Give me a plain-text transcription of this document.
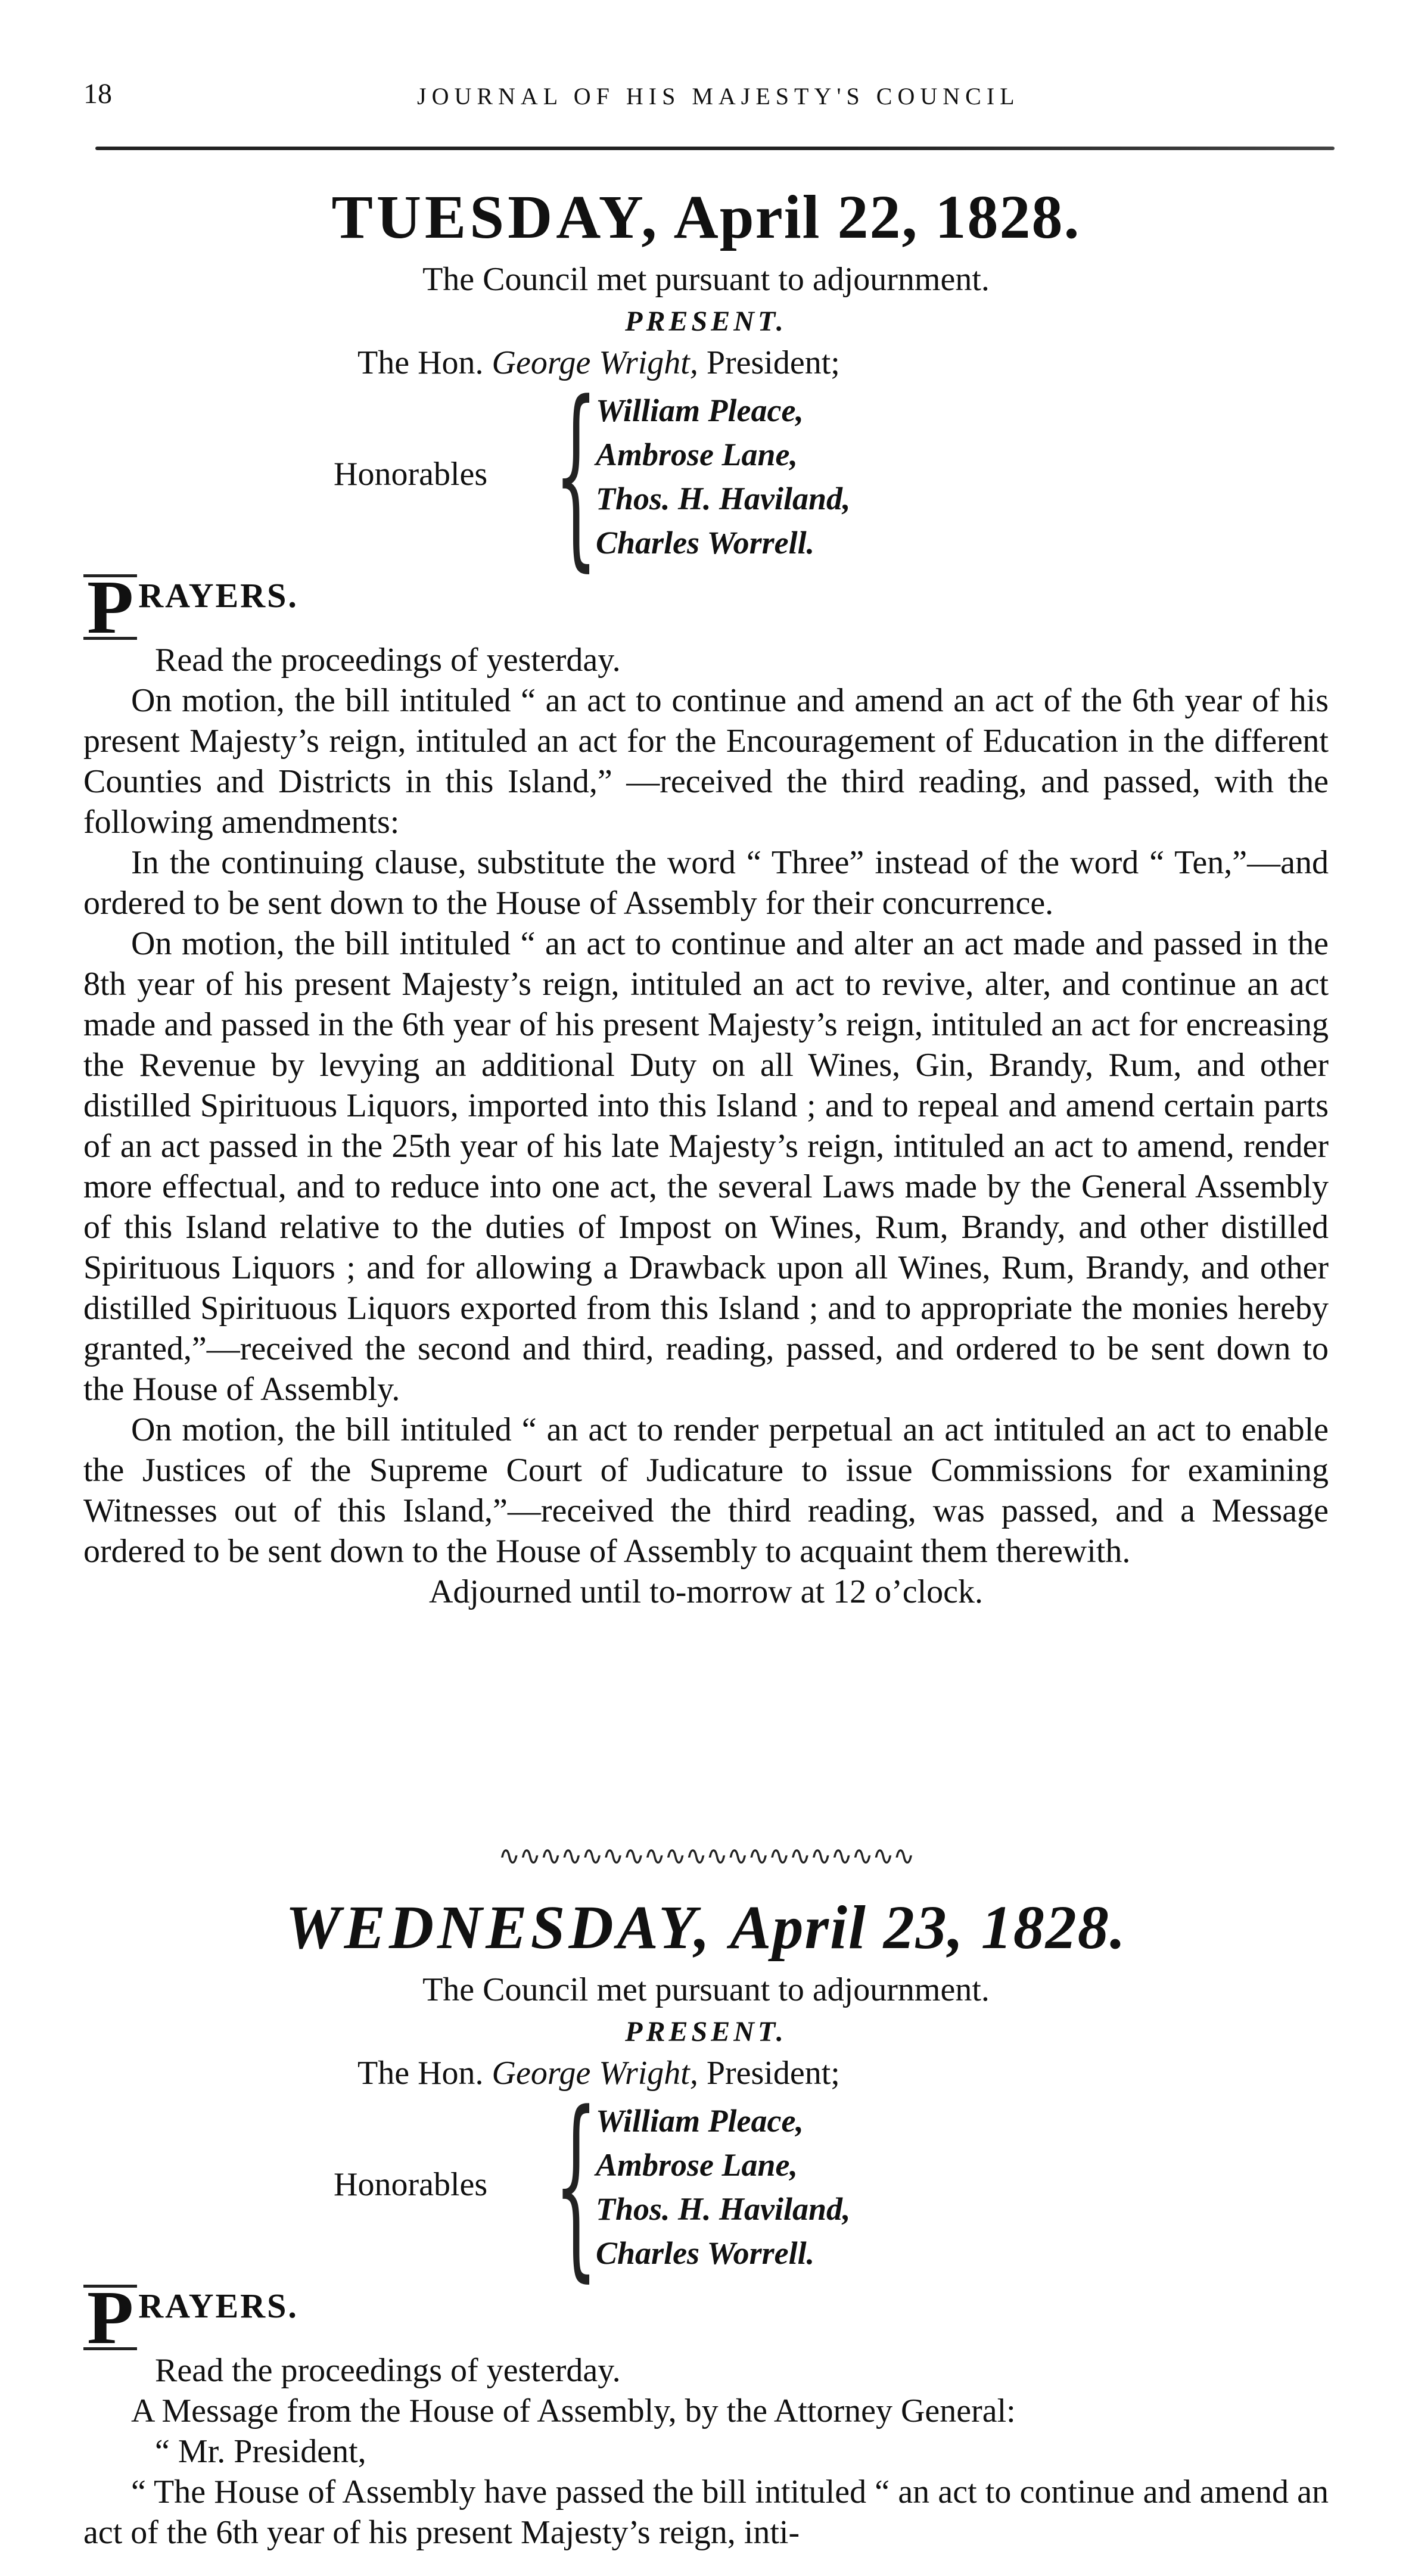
18	JOURNAL OF HIS MAJESTY'S COUNCIL
TUESDAY, April 22, 1828.
The Council met pursuant to adjournment.
PRESENT.
The Hon. George Wright, President;
Honorables {
William Pleace,
Ambrose Lane,
Thos. H. Haviland,
Charles Worrell.
P RAYERS.

Read the proceedings of yesterday.

On motion, the bill intituled “ an act to continue and amend an act of the 6th year of his present Majesty’s reign, intituled an act for the Encouragement of Education in the different Counties and Districts in this Island,” —received the third reading, and passed, with the following amendments:

In the continuing clause, substitute the word “ Three” instead of the word “ Ten,”—and ordered to be sent down to the House of Assembly for their concurrence.

On motion, the bill intituled “ an act to continue and alter an act made and passed in the 8th year of his present Majesty’s reign, intituled an act to revive, alter, and continue an act made and passed in the 6th year of his present Majesty’s reign, intituled an act for encreasing the Revenue by levying an additional Duty on all Wines, Gin, Brandy, Rum, and other distilled Spirituous Liquors, imported into this Island ; and to repeal and amend certain parts of an act passed in the 25th year of his late Majesty’s reign, intituled an act to amend, render more effectual, and to reduce into one act, the several Laws made by the General Assembly of this Island relative to the duties of Impost on Wines, Rum, Brandy, and other distilled Spirituous Liquors ; and for allowing a Drawback upon all Wines, Rum, Brandy, and other distilled Spirituous Liquors exported from this Island ; and to appropriate the monies hereby granted,”—received the second and third, reading, passed, and ordered to be sent down to the House of Assembly.

On motion, the bill intituled “ an act to render perpetual an act intituled an act to enable the Justices of the Supreme Court of Judicature to issue Commissions for examining Witnesses out of this Island,”—received the third reading, was passed, and a Message ordered to be sent down to the House of Assembly to acquaint them therewith.

Adjourned until to-morrow at 12 o’clock.

∿∿∿∿∿∿∿∿∿∿∿∿∿∿∿∿∿∿∿∿
WEDNESDAY, April 23, 1828.
The Council met pursuant to adjournment.
PRESENT.
The Hon. George Wright, President;
Honorables {
William Pleace,
Ambrose Lane,
Thos. H. Haviland,
Charles Worrell.
P RAYERS.

Read the proceedings of yesterday.

A Message from the House of Assembly, by the Attorney General:

“ Mr. President,

“ The House of Assembly have passed the bill intituled “ an act to continue and amend an act of the 6th year of his present Majesty’s reign, inti-
